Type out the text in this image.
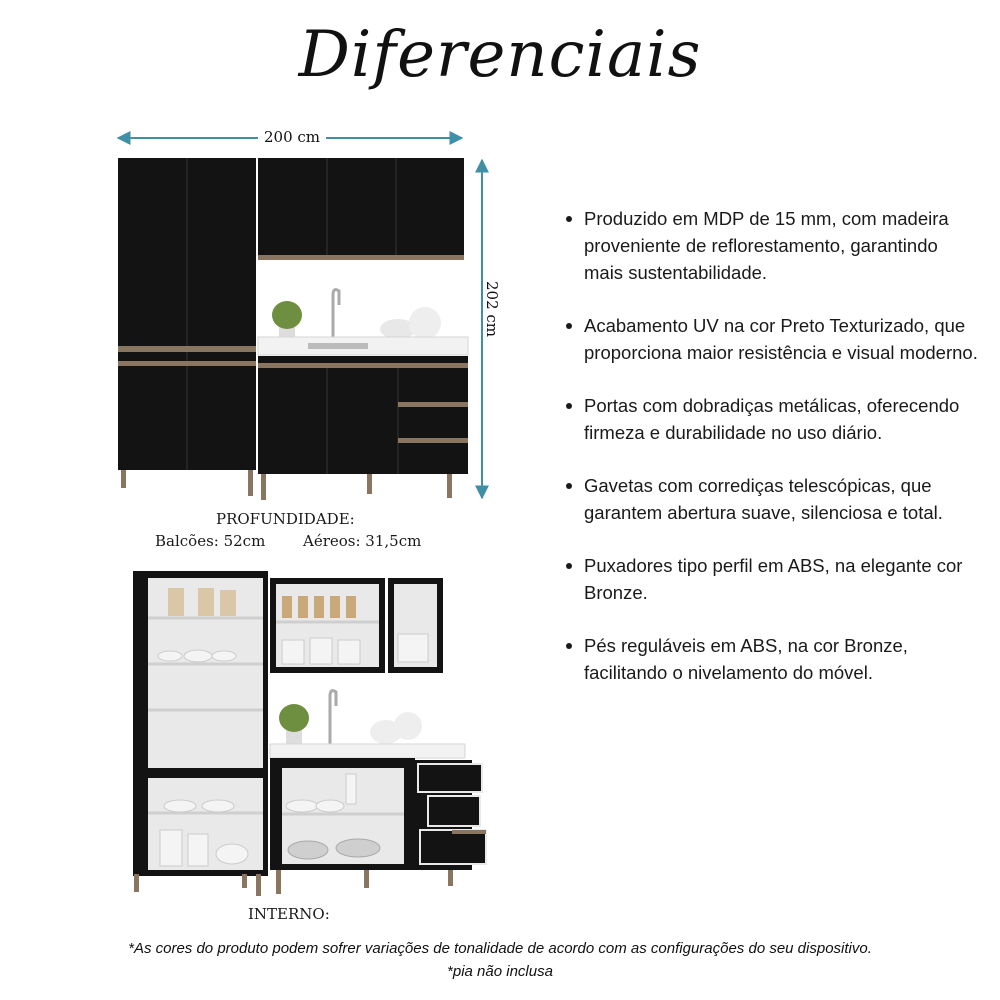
Diferenciais
200 cm
202 cm
PROFUNDIDADE:
Balcões: 52cm	Aéreos: 31,5cm
INTERNO:
Produzido em MDP de 15 mm, com madeira proveniente de reflorestamento, garantindo mais sustentabilidade.
Acabamento UV na cor Preto Texturizado, que proporciona maior resistência e visual moderno.
Portas com dobradiças metálicas, oferecendo firmeza e durabilidade no uso diário.
Gavetas com corrediças telescópicas, que garantem abertura suave, silenciosa e total.
Puxadores tipo perfil em ABS, na elegante cor Bronze.
Pés reguláveis em ABS, na cor Bronze, facilitando o nivelamento do móvel.
*As cores do produto podem sofrer variações de tonalidade de acordo com as configurações do seu dispositivo.
*pia não inclusa
